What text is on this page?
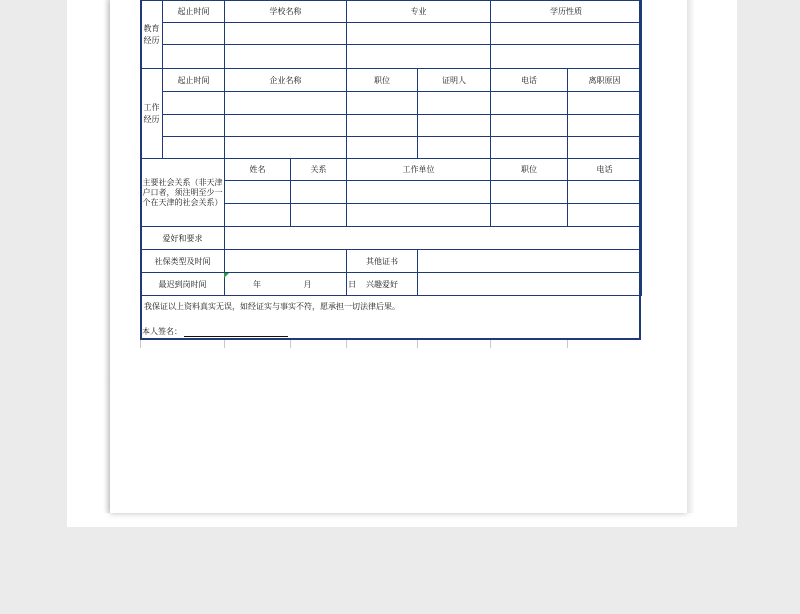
教育经历	起止时间	学校名称		专业		学历性质	

工作经历	起止时间	企业名称		职位	证明人	电话	离职原因

主要社会关系（非天津户口者，须注明至少一个在天津的社会关系）		姓名	关系	工作单位		职位	电话

爱好和要求							
社保类型及时间				其他证书			
最迟到岗时间		年 月 日		兴趣爱好			
我保证以上资料真实无误，如经证实与事实不符，愿承担一切法律后果。
本人签名：
